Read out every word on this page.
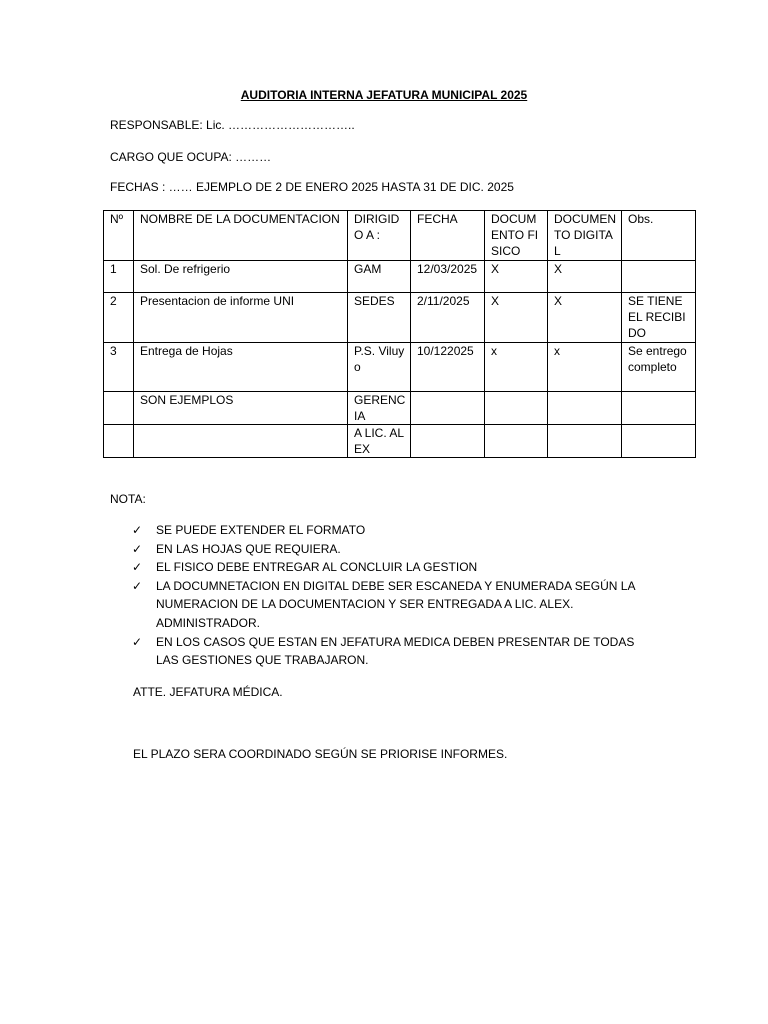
AUDITORIA INTERNA JEFATURA MUNICIPAL 2025
RESPONSABLE: Lic. …………………………..
CARGO QUE OCUPA: ………
FECHAS : …… EJEMPLO DE 2 DE ENERO 2025 HASTA 31 DE DIC. 2025
Nº	NOMBRE DE LA DOCUMENTACION	DIRIGIDO A :	FECHA	DOCUMENTO FISICO	DOCUMENTO DIGITAL	Obs.
1	Sol. De refrigerio	GAM	12/03/2025	X	X	
2	Presentacion de informe UNI	SEDES	2/11/2025	X	X	SE TIENE EL RECIBIDO
3	Entrega de Hojas	P.S. Viluyo	10/122025	x	x	Se entrego completo
	SON EJEMPLOS	GERENCIA				
		A LIC. ALEX				
NOTA:
✓ SE PUEDE EXTENDER EL FORMATO
✓ EN LAS HOJAS QUE REQUIERA.
✓ EL FISICO DEBE ENTREGAR AL CONCLUIR LA GESTION
✓ LA DOCUMNETACION EN DIGITAL DEBE SER ESCANEDA Y ENUMERADA SEGÚN LA NUMERACION DE LA DOCUMENTACION Y SER ENTREGADA A LIC. ALEX. ADMINISTRADOR.
✓ EN LOS CASOS QUE ESTAN EN JEFATURA MEDICA DEBEN PRESENTAR DE TODAS LAS GESTIONES QUE TRABAJARON.
ATTE. JEFATURA MÉDICA.
EL PLAZO SERA COORDINADO SEGÚN SE PRIORISE INFORMES.
